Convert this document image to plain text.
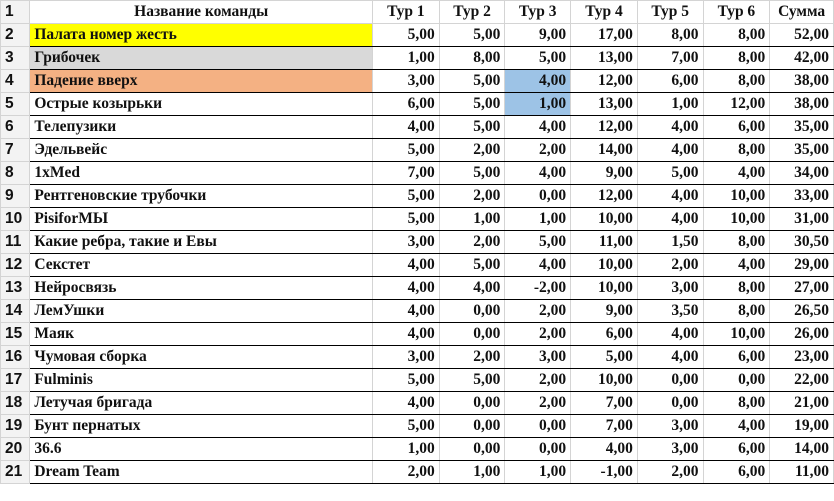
1	Название команды	Тур 1	Тур 2	Тур 3	Тур 4	Тур 5	Тур 6	Сумма
2	Палата номер жесть	5,00	5,00	9,00	17,00	8,00	8,00	52,00
3	Грибочек	1,00	8,00	5,00	13,00	7,00	8,00	42,00
4	Падение вверх	3,00	5,00	4,00	12,00	6,00	8,00	38,00
5	Острые козырьки	6,00	5,00	1,00	13,00	1,00	12,00	38,00
6	Телепузики	4,00	5,00	4,00	12,00	4,00	6,00	35,00
7	Эдельвейс	5,00	2,00	2,00	14,00	4,00	8,00	35,00
8	1xMed	7,00	5,00	4,00	9,00	5,00	4,00	34,00
9	Рентгеновские трубочки	5,00	2,00	0,00	12,00	4,00	10,00	33,00
10	PisiforМЫ	5,00	1,00	1,00	10,00	4,00	10,00	31,00
11	Какие ребра, такие и Евы	3,00	2,00	5,00	11,00	1,50	8,00	30,50
12	Секстет	4,00	5,00	4,00	10,00	2,00	4,00	29,00
13	Нейросвязь	4,00	4,00	-2,00	10,00	3,00	8,00	27,00
14	ЛемУшки	4,00	0,00	2,00	9,00	3,50	8,00	26,50
15	Маяк	4,00	0,00	2,00	6,00	4,00	10,00	26,00
16	Чумовая сборка	3,00	2,00	3,00	5,00	4,00	6,00	23,00
17	Fulminis	5,00	5,00	2,00	10,00	0,00	0,00	22,00
18	Летучая бригада	4,00	0,00	2,00	7,00	0,00	8,00	21,00
19	Бунт пернатых	5,00	0,00	0,00	7,00	3,00	4,00	19,00
20	36.6	1,00	0,00	0,00	4,00	3,00	6,00	14,00
21	Dream Team	2,00	1,00	1,00	-1,00	2,00	6,00	11,00
